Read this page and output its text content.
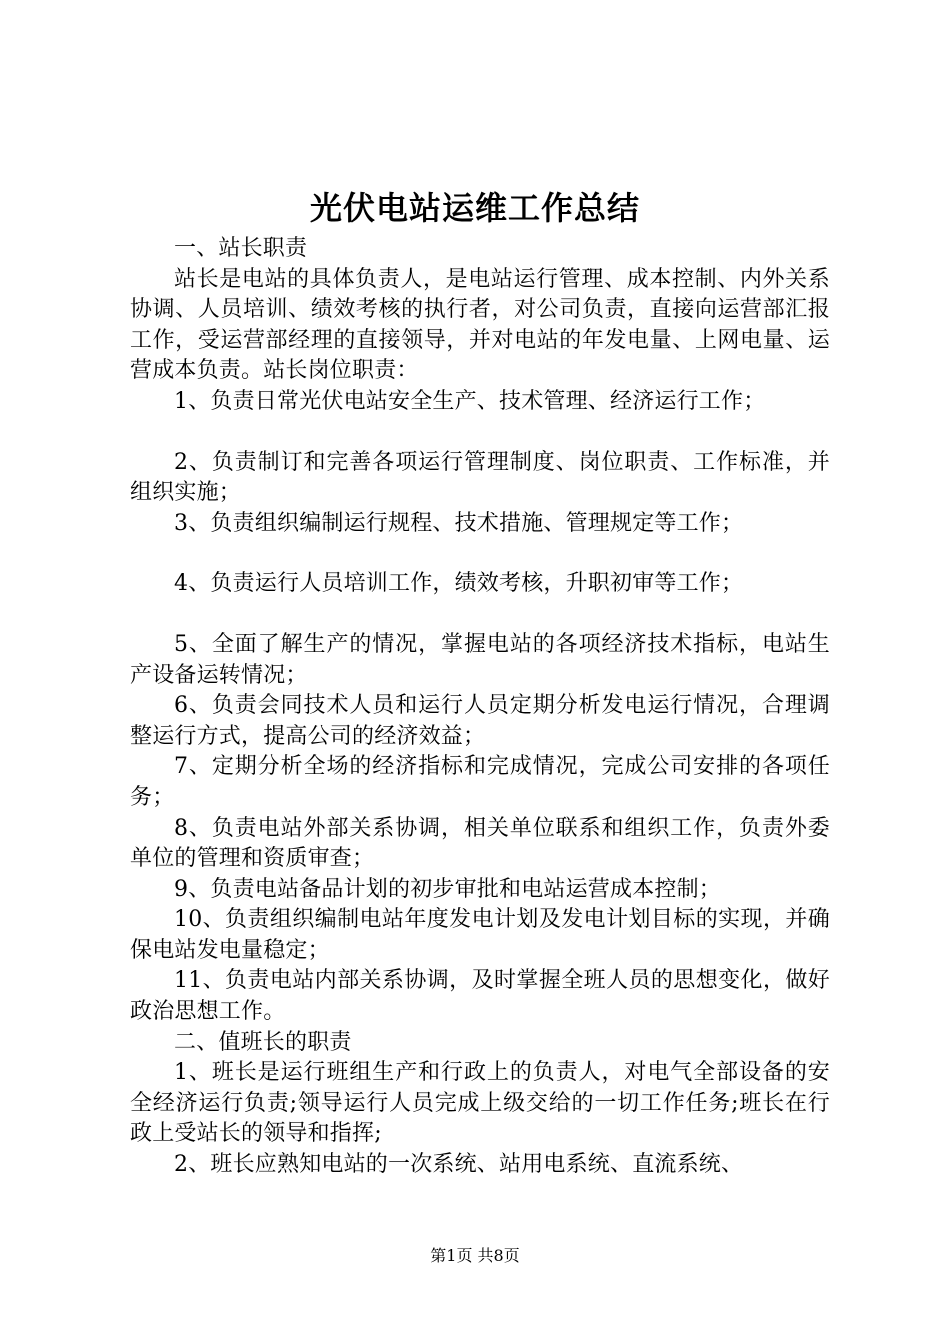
光伏电站运维工作总结

一、站长职责

站长是电站的具体负责人，是电站运行管理、成本控制、内外关系协调、人员培训、绩效考核的执行者，对公司负责，直接向运营部汇报工作，受运营部经理的直接领导，并对电站的年发电量、上网电量、运营成本负责。站长岗位职责：

1、负责日常光伏电站安全生产、技术管理、经济运行工作；

2、负责制订和完善各项运行管理制度、岗位职责、工作标准，并组织实施；

3、负责组织编制运行规程、技术措施、管理规定等工作；

4、负责运行人员培训工作，绩效考核，升职初审等工作；

5、全面了解生产的情况，掌握电站的各项经济技术指标，电站生产设备运转情况；

6、负责会同技术人员和运行人员定期分析发电运行情况，合理调整运行方式，提高公司的经济效益；

7、定期分析全场的经济指标和完成情况，完成公司安排的各项任务；

8、负责电站外部关系协调，相关单位联系和组织工作，负责外委单位的管理和资质审查；

9、负责电站备品计划的初步审批和电站运营成本控制；

10、负责组织编制电站年度发电计划及发电计划目标的实现，并确保电站发电量稳定；

11、负责电站内部关系协调，及时掌握全班人员的思想变化，做好政治思想工作。

二、值班长的职责

1、班长是运行班组生产和行政上的负责人，对电气全部设备的安全经济运行负责;领导运行人员完成上级交给的一切工作任务;班长在行政上受站长的领导和指挥;

2、班长应熟知电站的一次系统、站用电系统、直流系统、

第1页 共8页
